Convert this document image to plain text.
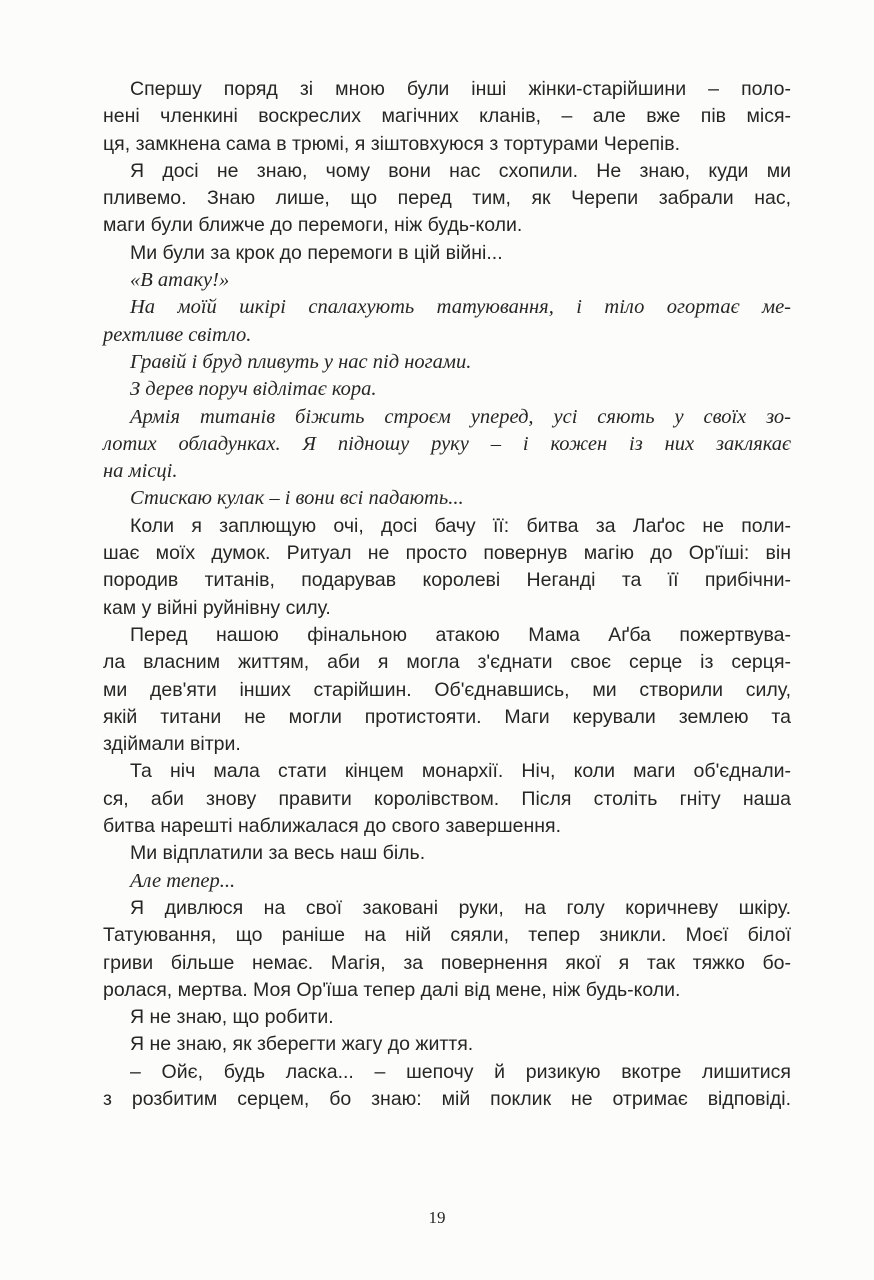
Спершу поряд зі мною були інші жінки-старійшини – поло-
нені членкині воскреслих магічних кланів, – але вже пів міся-
ця, замкнена сама в трюмі, я зіштовхуюся з тортурами Черепів.
Я досі не знаю, чому вони нас схопили. Не знаю, куди ми
пливемо. Знаю лише, що перед тим, як Черепи забрали нас,
маги були ближче до перемоги, ніж будь-коли.
Ми були за крок до перемоги в цій війні...
«В атаку!»
На моїй шкірі спалахують татуювання, і тіло огортає ме-
рехтливе світло.
Гравій і бруд пливуть у нас під ногами.
З дерев поруч відлітає кора.
Армія титанів біжить строєм уперед, усі сяють у своїх зо-
лотих обладунках. Я підношу руку – і кожен із них заклякає
на місці.
Стискаю кулак – і вони всі падають...
Коли я заплющую очі, досі бачу її: битва за Лаґос не поли-
шає моїх думок. Ритуал не просто повернув магію до Ор'їші: він
породив титанів, подарував королеві Неганді та її прибічни-
кам у війні руйнівну силу.
Перед нашою фінальною атакою Мама Аґба пожертвува-
ла власним життям, аби я могла з'єднати своє серце із серця-
ми дев'яти інших старійшин. Об'єднавшись, ми створили силу,
якій титани не могли протистояти. Маги керували землею та
здіймали вітри.
Та ніч мала стати кінцем монархії. Ніч, коли маги об'єднали-
ся, аби знову правити королівством. Після століть гніту наша
битва нарешті наближалася до свого завершення.
Ми відплатили за весь наш біль.
Але тепер...
Я дивлюся на свої заковані руки, на голу коричневу шкіру.
Татуювання, що раніше на ній сяяли, тепер зникли. Моєї білої
гриви більше немає. Магія, за повернення якої я так тяжко бо-
ролася, мертва. Моя Ор'їша тепер далі від мене, ніж будь-коли.
Я не знаю, що робити.
Я не знаю, як зберегти жагу до життя.
– Ойє, будь ласка... – шепочу й ризикую вкотре лишитися
з розбитим серцем, бо знаю: мій поклик не отримає відповіді.
19
